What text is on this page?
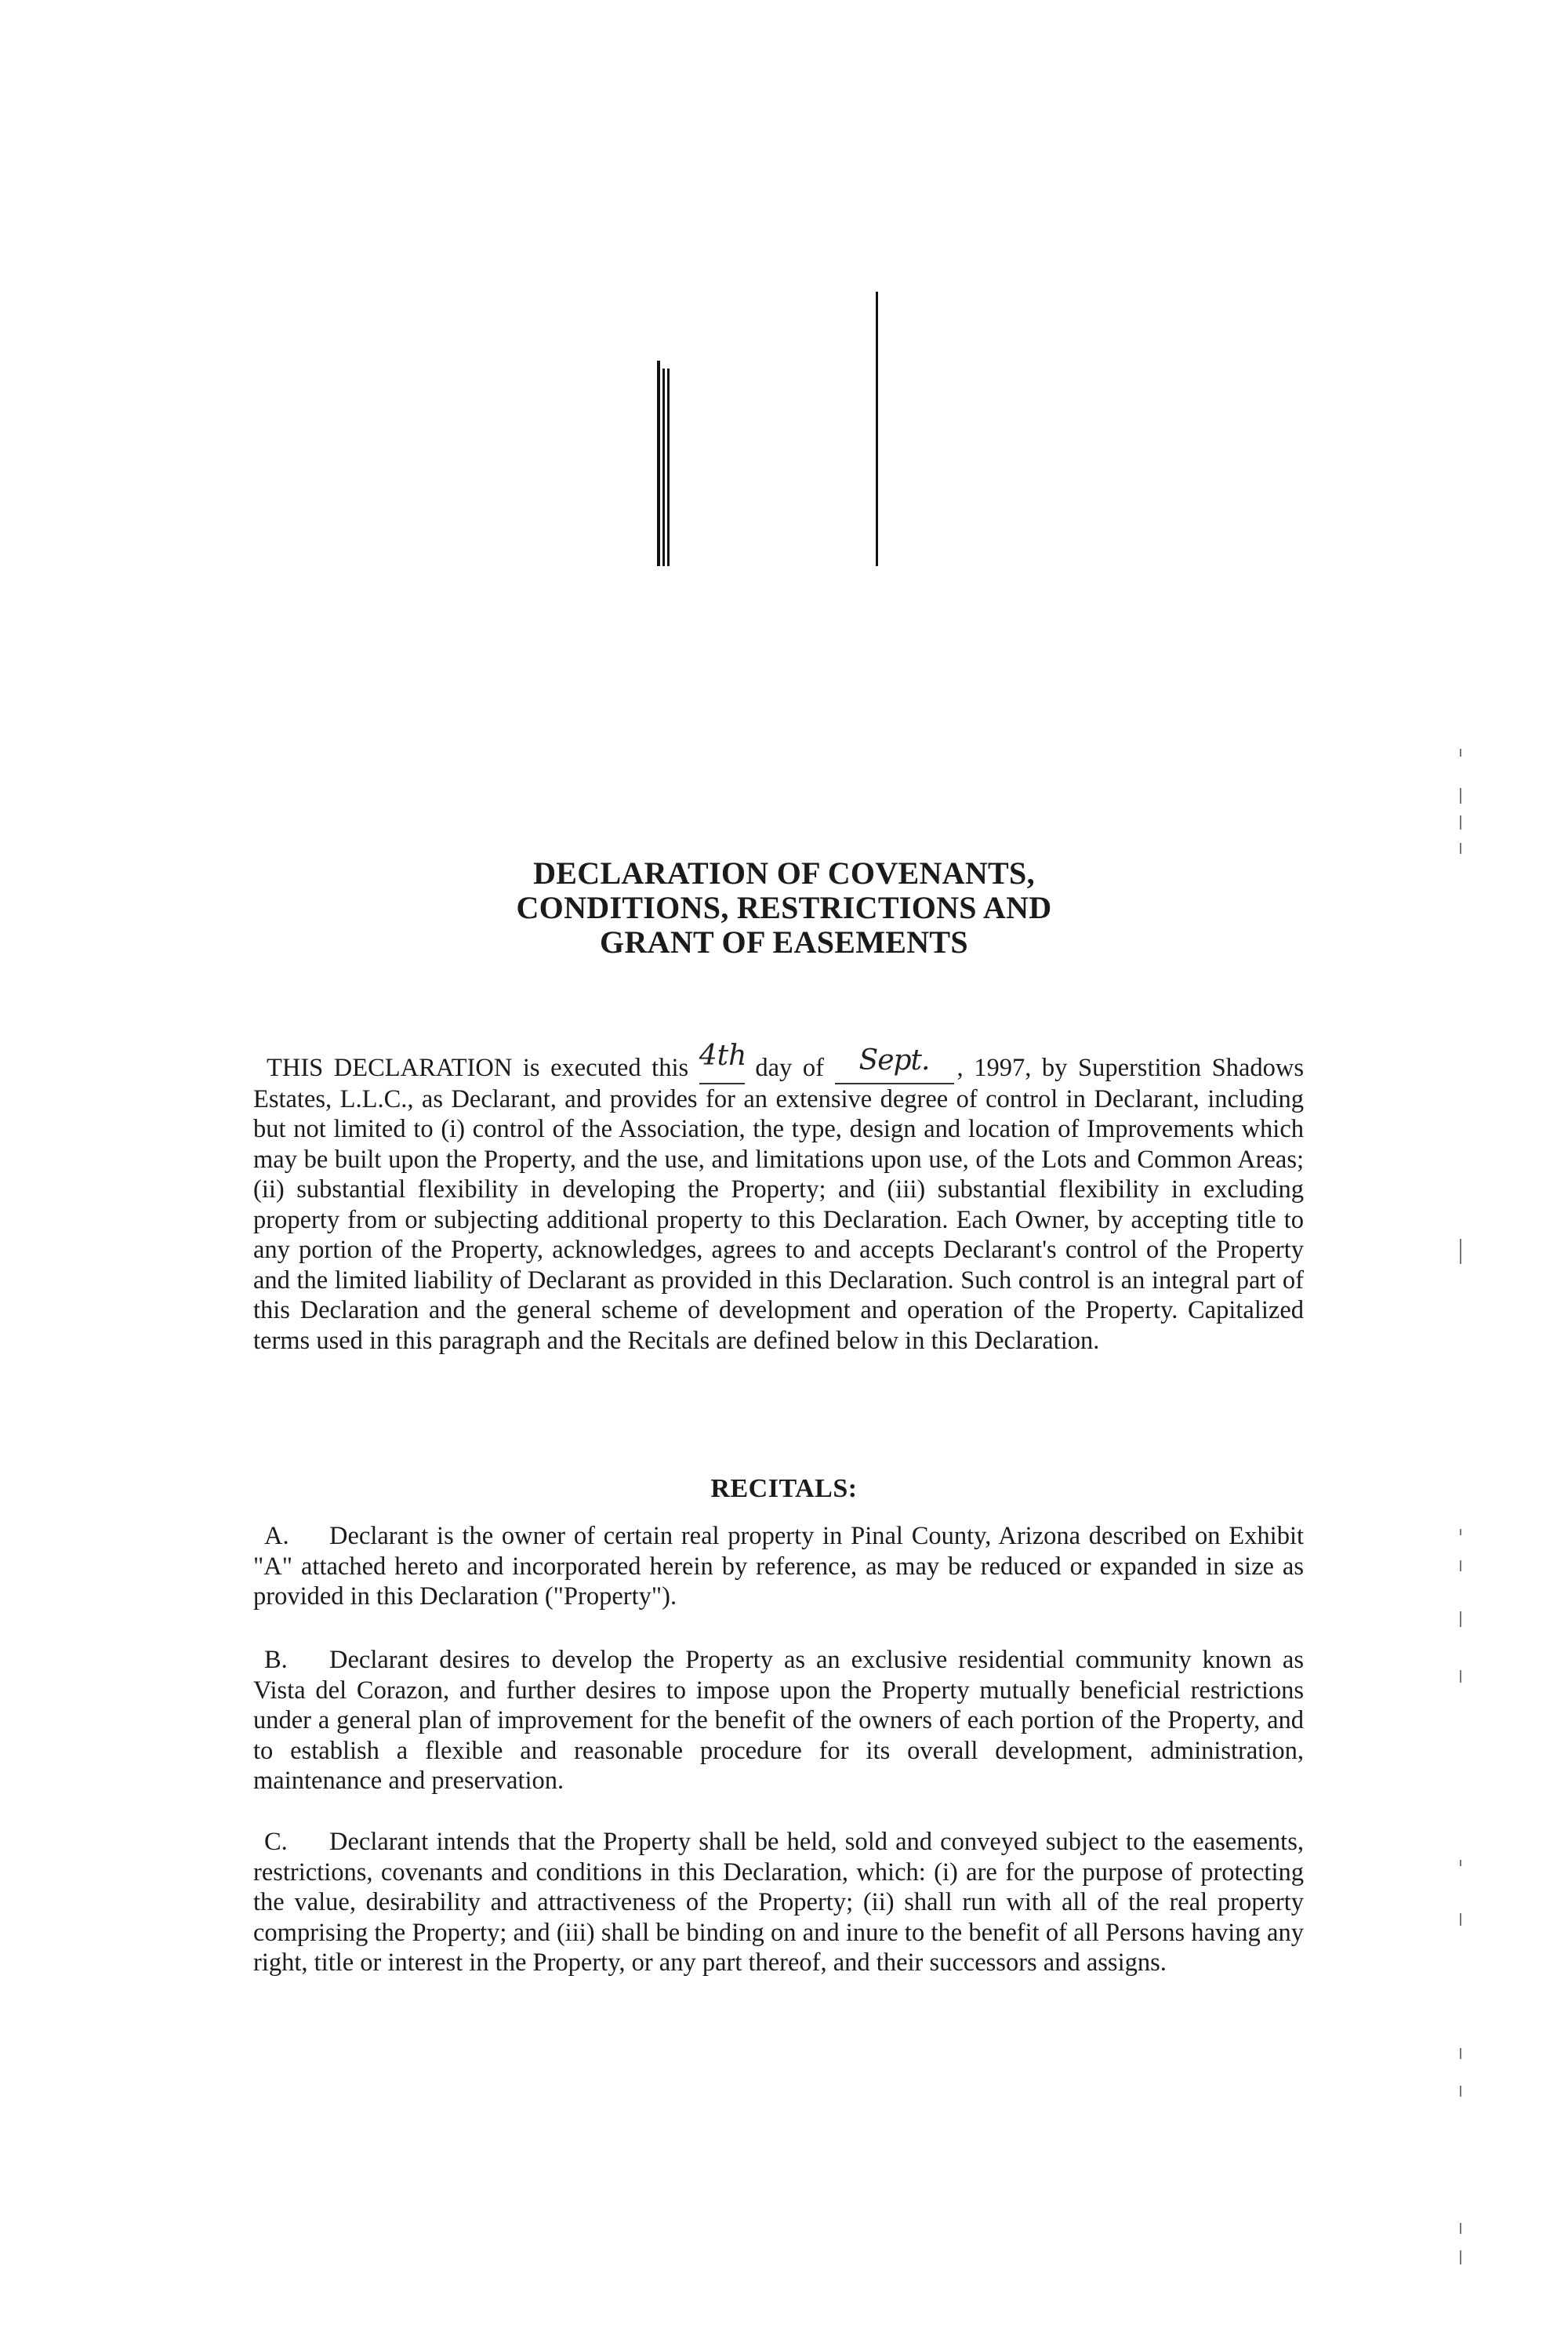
DECLARATION OF COVENANTS,
CONDITIONS, RESTRICTIONS AND
GRANT OF EASEMENTS
THIS DECLARATION is executed this 4th day of Sept. , 1997, by Superstition Shadows Estates, L.L.C., as Declarant, and provides for an extensive degree of control in Declarant, including but not limited to (i) control of the Association, the type, design and location of Improvements which may be built upon the Property, and the use, and limitations upon use, of the Lots and Common Areas; (ii) substantial flexibility in developing the Property; and (iii) substantial flexibility in excluding property from or subjecting additional property to this Declaration. Each Owner, by accepting title to any portion of the Property, acknowledges, agrees to and accepts Declarant's control of the Property and the limited liability of Declarant as provided in this Declaration. Such control is an integral part of this Declaration and the general scheme of development and operation of the Property. Capitalized terms used in this paragraph and the Recitals are defined below in this Declaration.
RECITALS:
A. Declarant is the owner of certain real property in Pinal County, Arizona described on Exhibit "A" attached hereto and incorporated herein by reference, as may be reduced or expanded in size as provided in this Declaration ("Property").
B. Declarant desires to develop the Property as an exclusive residential community known as Vista del Corazon, and further desires to impose upon the Property mutually beneficial restrictions under a general plan of improvement for the benefit of the owners of each portion of the Property, and to establish a flexible and reasonable procedure for its overall development, administration, maintenance and preservation.
C. Declarant intends that the Property shall be held, sold and conveyed subject to the easements, restrictions, covenants and conditions in this Declaration, which: (i) are for the purpose of protecting the value, desirability and attractiveness of the Property; (ii) shall run with all of the real property comprising the Property; and (iii) shall be binding on and inure to the benefit of all Persons having any right, title or interest in the Property, or any part thereof, and their successors and assigns.
